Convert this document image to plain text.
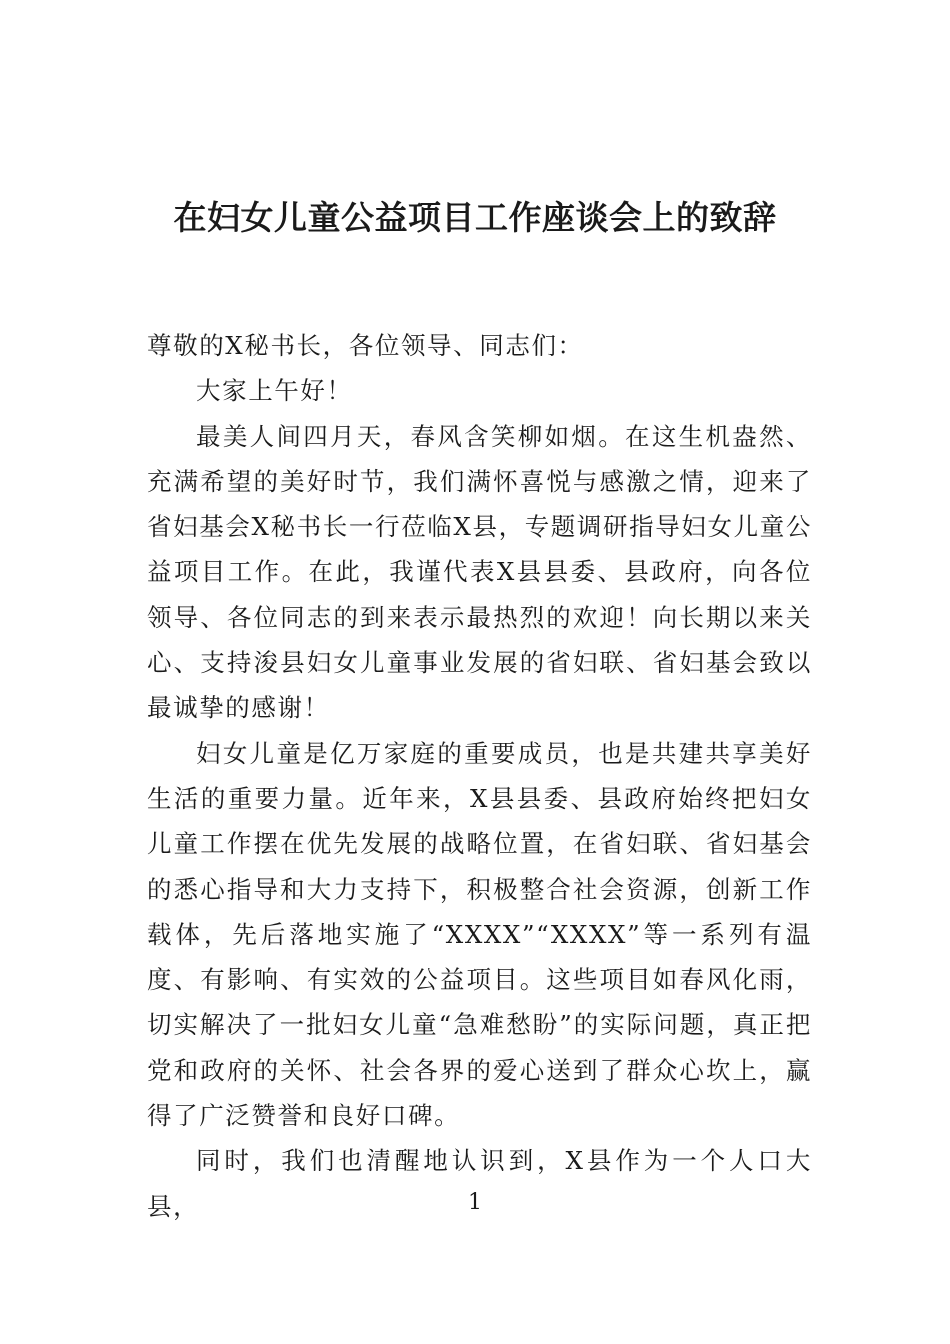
在妇女儿童公益项目工作座谈会上的致辞

尊敬的X秘书长，各位领导、同志们：

大家上午好！

最美人间四月天，春风含笑柳如烟。在这生机盎然、充满希望的美好时节，我们满怀喜悦与感激之情，迎来了省妇基会X秘书长一行莅临X县，专题调研指导妇女儿童公益项目工作。在此，我谨代表X县县委、县政府，向各位领导、各位同志的到来表示最热烈的欢迎！向长期以来关心、支持浚县妇女儿童事业发展的省妇联、省妇基会致以最诚挚的感谢！

妇女儿童是亿万家庭的重要成员，也是共建共享美好生活的重要力量。近年来，X县县委、县政府始终把妇女儿童工作摆在优先发展的战略位置，在省妇联、省妇基会的悉心指导和大力支持下，积极整合社会资源，创新工作载体，先后落地实施了“XXXX”“XXXX”等一系列有温度、有影响、有实效的公益项目。这些项目如春风化雨，切实解决了一批妇女儿童“急难愁盼”的实际问题，真正把党和政府的关怀、社会各界的爱心送到了群众心坎上，赢得了广泛赞誉和良好口碑。

同时，我们也清醒地认识到，X县作为一个人口大县，	1
